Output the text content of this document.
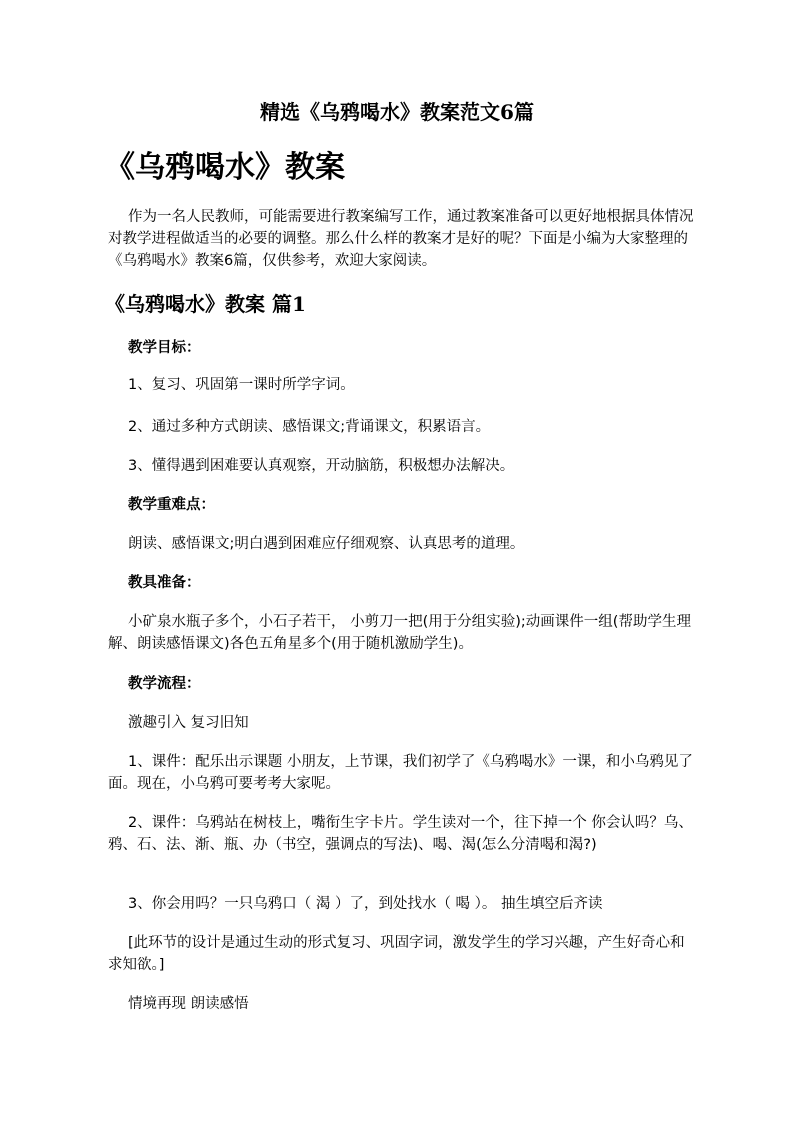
精选《乌鸦喝水》教案范文6篇
《乌鸦喝水》教案

作为一名人民教师，可能需要进行教案编写工作，通过教案准备可以更好地根据具体情况对教学进程做适当的必要的调整。那么什么样的教案才是好的呢？下面是小编为大家整理的《乌鸦喝水》教案6篇，仅供参考，欢迎大家阅读。

《乌鸦喝水》教案 篇1

教学目标：

1、复习、巩固第一课时所学字词。

2、通过多种方式朗读、感悟课文;背诵课文，积累语言。

3、懂得遇到困难要认真观察，开动脑筋，积极想办法解决。

教学重难点：

朗读、感悟课文;明白遇到困难应仔细观察、认真思考的道理。

教具准备：

小矿泉水瓶子多个，小石子若干， 小剪刀一把(用于分组实验);动画课件一组(帮助学生理解、朗读感悟课文)各色五角星多个(用于随机激励学生)。

教学流程：

激趣引入 复习旧知

1、课件：配乐出示课题 小朋友，上节课，我们初学了《乌鸦喝水》一课，和小乌鸦见了面。现在，小乌鸦可要考考大家呢。

2、课件：乌鸦站在树枝上，嘴衔生字卡片。学生读对一个，往下掉一个 你会认吗？乌、鸦、石、法、渐、瓶、办（书空，强调点的写法)、喝、渴(怎么分清喝和渴?)

3、你会用吗？一只乌鸦口（ 渴 ）了，到处找水（ 喝 ）。 抽生填空后齐读

[此环节的设计是通过生动的形式复习、巩固字词，激发学生的学习兴趣，产生好奇心和求知欲。]

情境再现 朗读感悟
